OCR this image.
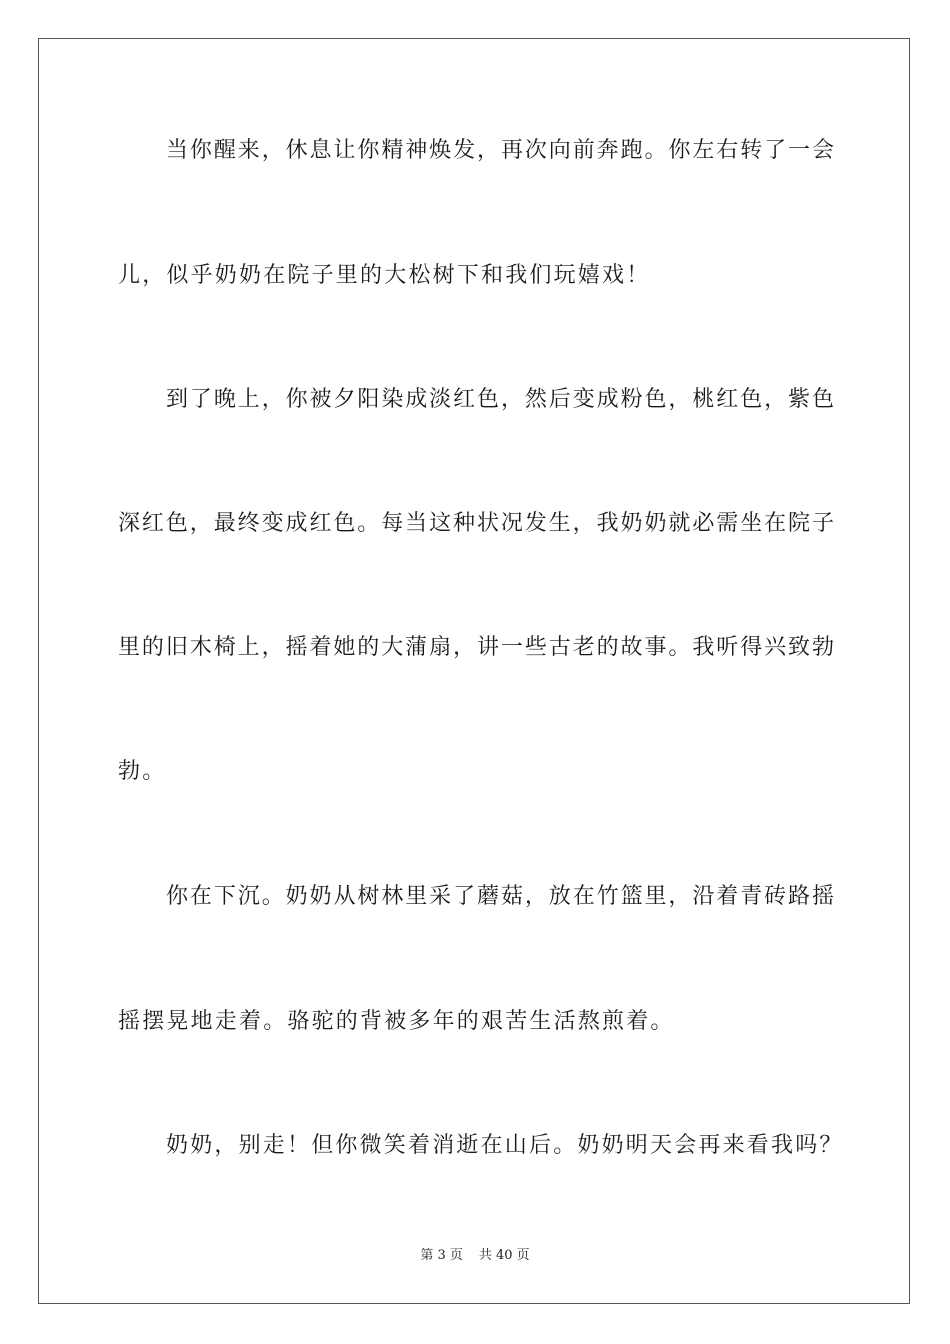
当你醒来，休息让你精神焕发，再次向前奔跑。你左右转了一会
儿，似乎奶奶在院子里的大松树下和我们玩嬉戏！
到了晚上，你被夕阳染成淡红色，然后变成粉色，桃红色，紫色
深红色，最终变成红色。每当这种状况发生，我奶奶就必需坐在院子
里的旧木椅上，摇着她的大蒲扇，讲一些古老的故事。我听得兴致勃
勃。
你在下沉。奶奶从树林里采了蘑菇，放在竹篮里，沿着青砖路摇
摇摆晃地走着。骆驼的背被多年的艰苦生活熬煎着。
奶奶，别走！但你微笑着消逝在山后。奶奶明天会再来看我吗？
第 3 页 共 40 页
